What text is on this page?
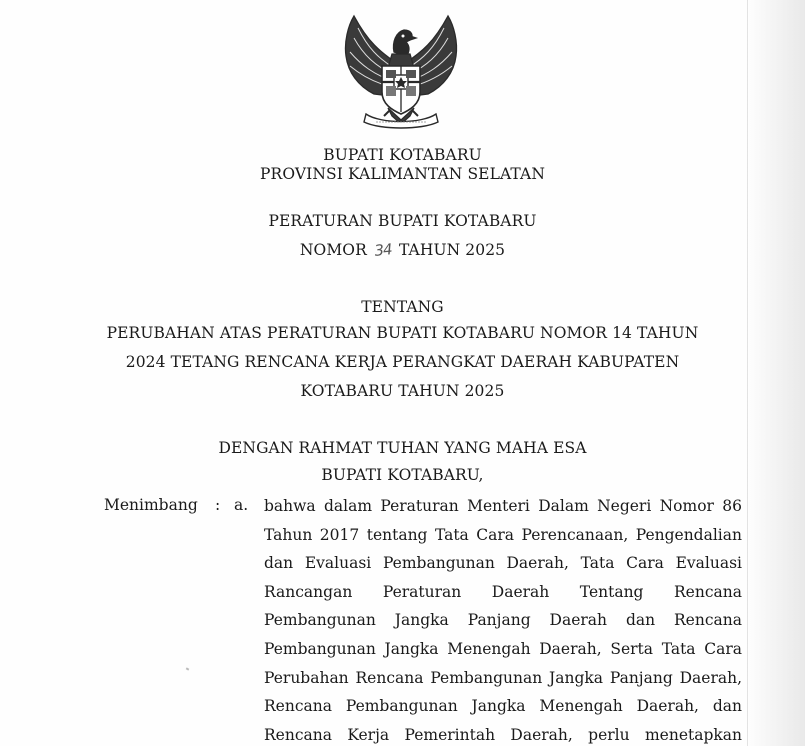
BUPATI KOTABARU
PROVINSI KALIMANTAN SELATAN
PERATURAN BUPATI KOTABARU
NOMOR 34 TAHUN 2025
TENTANG
PERUBAHAN ATAS PERATURAN BUPATI KOTABARU NOMOR 14 TAHUN
2024 TETANG RENCANA KERJA PERANGKAT DAERAH KABUPATEN
KOTABARU TAHUN 2025
DENGAN RAHMAT TUHAN YANG MAHA ESA
BUPATI KOTABARU,
Menimbang : a. bahwa dalam Peraturan Menteri Dalam Negeri Nomor 86
Tahun 2017 tentang Tata Cara Perencanaan, Pengendalian
dan Evaluasi Pembangunan Daerah, Tata Cara Evaluasi
Rancangan Peraturan Daerah Tentang Rencana
Pembangunan Jangka Panjang Daerah dan Rencana
Pembangunan Jangka Menengah Daerah, Serta Tata Cara
Perubahan Rencana Pembangunan Jangka Panjang Daerah,
Rencana Pembangunan Jangka Menengah Daerah, dan
Rencana Kerja Pemerintah Daerah, perlu menetapkan
